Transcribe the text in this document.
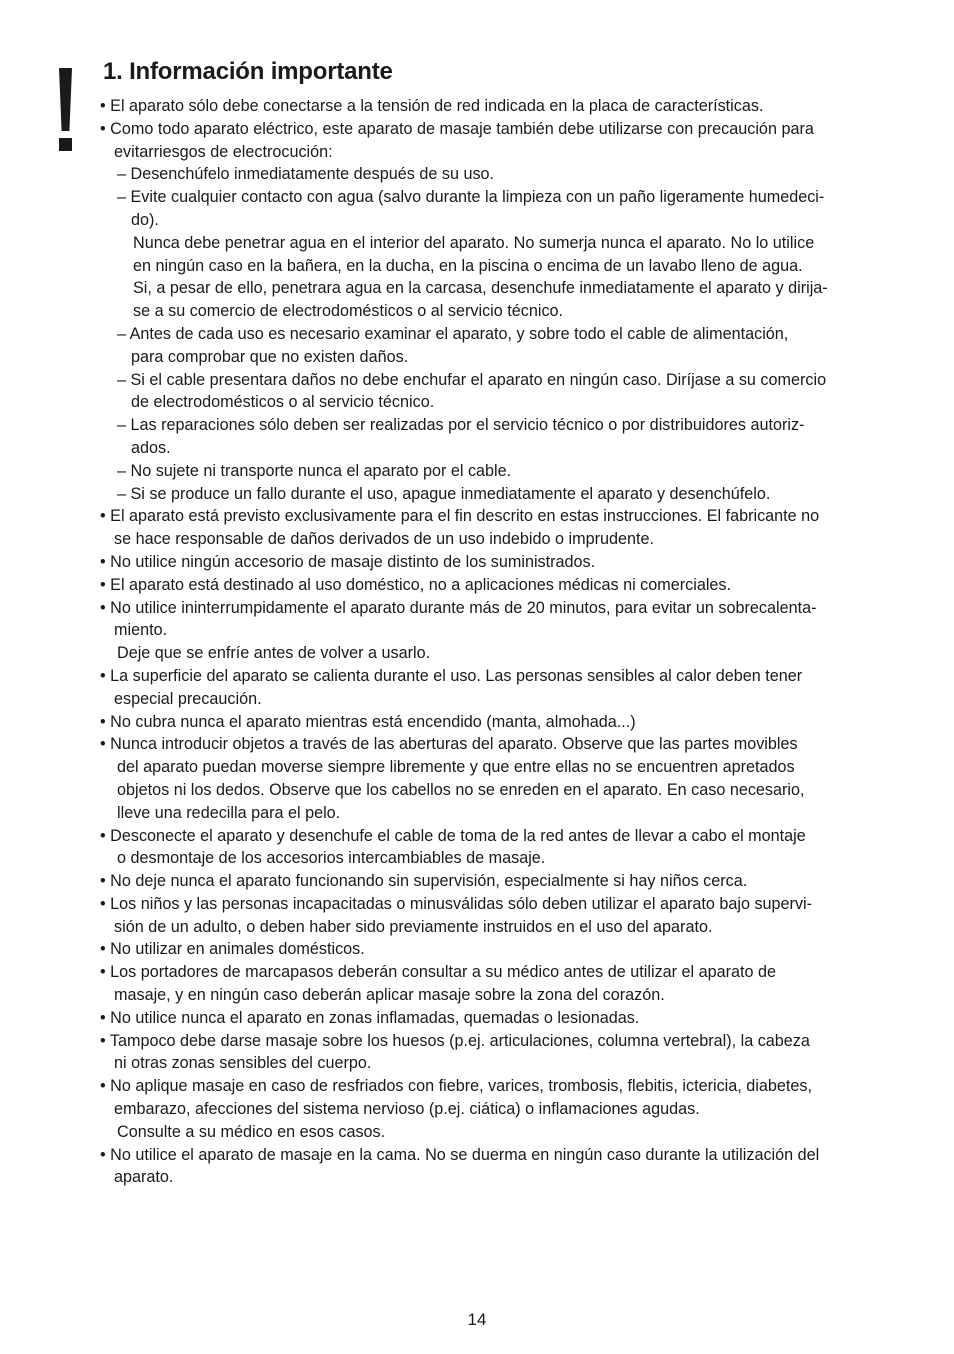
1. Información importante
• El aparato sólo debe conectarse a la tensión de red indicada en la placa de características.
• Como todo aparato eléctrico, este aparato de masaje también debe utilizarse con precaución para
evitarriesgos de electrocución:
– Desenchúfelo inmediatamente después de su uso.
– Evite cualquier contacto con agua (salvo durante la limpieza con un paño ligeramente humedeci-
do).
Nunca debe penetrar agua en el interior del aparato. No sumerja nunca el aparato. No lo utilice
en ningún caso en la bañera, en la ducha, en la piscina o encima de un lavabo lleno de agua.
Si, a pesar de ello, penetrara agua en la carcasa, desenchufe inmediatamente el aparato y dirija-
se a su comercio de electrodomésticos o al servicio técnico.
– Antes de cada uso es necesario examinar el aparato, y sobre todo el cable de alimentación,
para comprobar que no existen daños.
– Si el cable presentara daños no debe enchufar el aparato en ningún caso. Diríjase a su comercio
de electrodomésticos o al servicio técnico.
– Las reparaciones sólo deben ser realizadas por el servicio técnico o por distribuidores autoriz-
ados.
– No sujete ni transporte nunca el aparato por el cable.
– Si se produce un fallo durante el uso, apague inmediatamente el aparato y desenchúfelo.
• El aparato está previsto exclusivamente para el fin descrito en estas instrucciones. El fabricante no
se hace responsable de daños derivados de un uso indebido o imprudente.
• No utilice ningún accesorio de masaje distinto de los suministrados.
• El aparato está destinado al uso doméstico, no a aplicaciones médicas ni comerciales.
• No utilice ininterrumpidamente el aparato durante más de 20 minutos, para evitar un sobrecalenta-
miento.
Deje que se enfríe antes de volver a usarlo.
• La superficie del aparato se calienta durante el uso. Las personas sensibles al calor deben tener
especial precaución.
• No cubra nunca el aparato mientras está encendido (manta, almohada...)
• Nunca introducir objetos a través de las aberturas del aparato. Observe que las partes movibles
del aparato puedan moverse siempre libremente y que entre ellas no se encuentren apretados
objetos ni los dedos. Observe que los cabellos no se enreden en el aparato. En caso necesario,
lleve una redecilla para el pelo.
• Desconecte el aparato y desenchufe el cable de toma de la red antes de llevar a cabo el montaje
o desmontaje de los accesorios intercambiables de masaje.
• No deje nunca el aparato funcionando sin supervisión, especialmente si hay niños cerca.
• Los niños y las personas incapacitadas o minusválidas sólo deben utilizar el aparato bajo supervi-
sión de un adulto, o deben haber sido previamente instruidos en el uso del aparato.
• No utilizar en animales domésticos.
• Los portadores de marcapasos deberán consultar a su médico antes de utilizar el aparato de
masaje, y en ningún caso deberán aplicar masaje sobre la zona del corazón.
• No utilice nunca el aparato en zonas inflamadas, quemadas o lesionadas.
• Tampoco debe darse masaje sobre los huesos (p.ej. articulaciones, columna vertebral), la cabeza
ni otras zonas sensibles del cuerpo.
• No aplique masaje en caso de resfriados con fiebre, varices, trombosis, flebitis, ictericia, diabetes,
embarazo, afecciones del sistema nervioso (p.ej. ciática) o inflamaciones agudas.
Consulte a su médico en esos casos.
• No utilice el aparato de masaje en la cama. No se duerma en ningún caso durante la utilización del
aparato.
14
